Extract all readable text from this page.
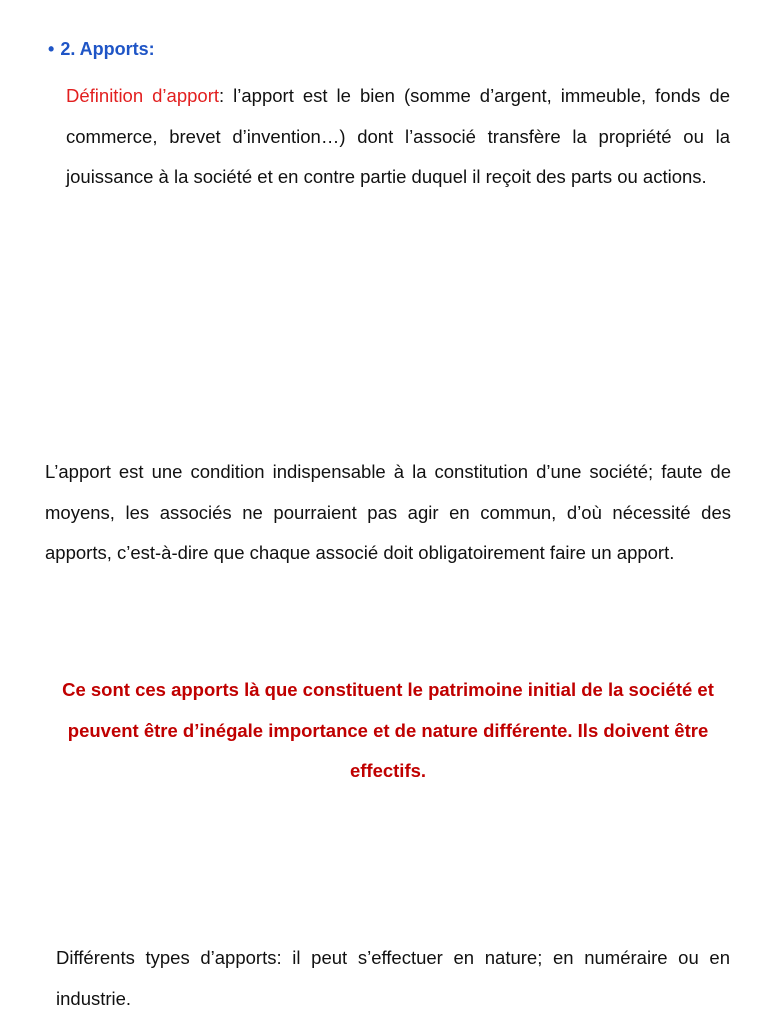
• 2. Apports:

Définition d’apport: l’apport est le bien (somme d’argent, immeuble, fonds de commerce, brevet d’invention…) dont l’associé transfère la propriété ou la jouissance à la société et en contre partie duquel il reçoit des parts ou actions.

L’apport est une condition indispensable à la constitution d’une société; faute de moyens, les associés ne pourraient pas agir en commun, d’où nécessité des apports, c’est-à-dire que chaque associé doit obligatoirement faire un apport.

Ce sont ces apports là que constituent le patrimoine initial de la société et peuvent être d’inégale importance et de nature différente. Ils doivent être effectifs.

Différents types d’apports: il peut s’effectuer en nature; en numéraire ou en industrie.
